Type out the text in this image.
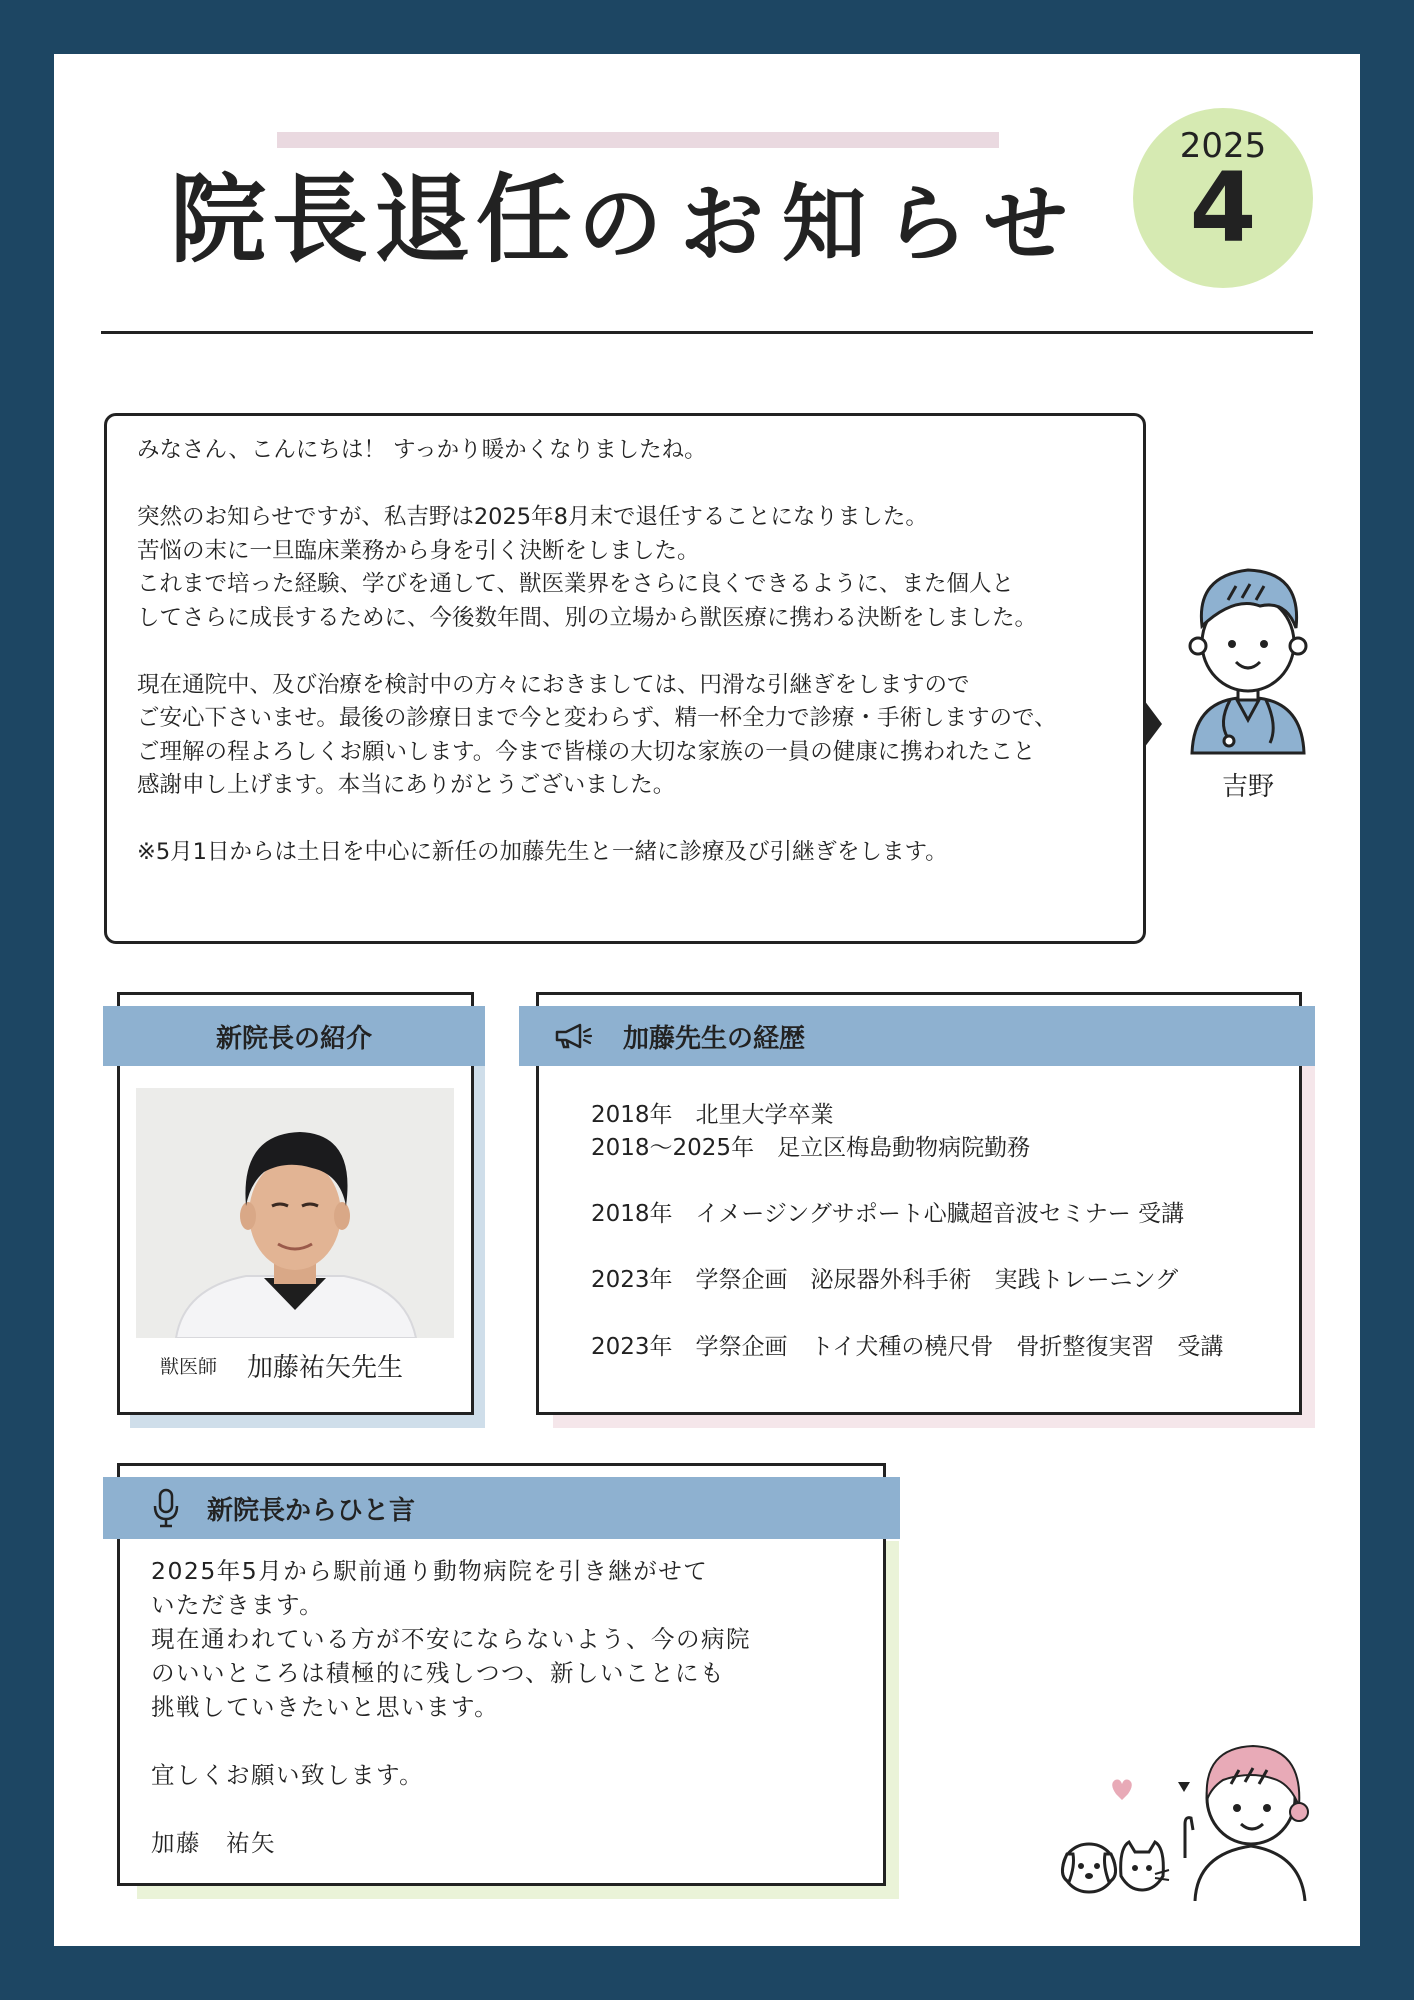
院長退任のお知らせ
2025
4

みなさん、こんにちは！ すっかり暖かくなりましたね。

突然のお知らせですが、私吉野は2025年8月末で退任することになりました。
苦悩の末に一旦臨床業務から身を引く決断をしました。
これまで培った経験、学びを通して、獣医業界をさらに良くできるように、また個人と
してさらに成長するために、今後数年間、別の立場から獣医療に携わる決断をしました。

現在通院中、及び治療を検討中の方々におきましては、円滑な引継ぎをしますので
ご安心下さいませ。最後の診療日まで今と変わらず、精一杯全力で診療・手術しますので、
ご理解の程よろしくお願いします。今まで皆様の大切な家族の一員の健康に携われたこと
感謝申し上げます。本当にありがとうございました。

※5月1日からは土日を中心に新任の加藤先生と一緒に診療及び引継ぎをします。

吉野
新院長の紹介
獣医師 加藤祐矢先生
加藤先生の経歴
2018年　北里大学卒業
2018～2025年　足立区梅島動物病院勤務
2018年　イメージングサポート心臓超音波セミナー 受講
2023年　学祭企画　泌尿器外科手術　実践トレーニング
2023年　学祭企画　トイ犬種の橈尺骨　骨折整復実習　受講
新院長からひと言
2025年5月から駅前通り動物病院を引き継がせて
いただきます。
現在通われている方が不安にならないよう、今の病院
のいいところは積極的に残しつつ、新しいことにも
挑戦していきたいと思います。

宜しくお願い致します。

加藤　祐矢
